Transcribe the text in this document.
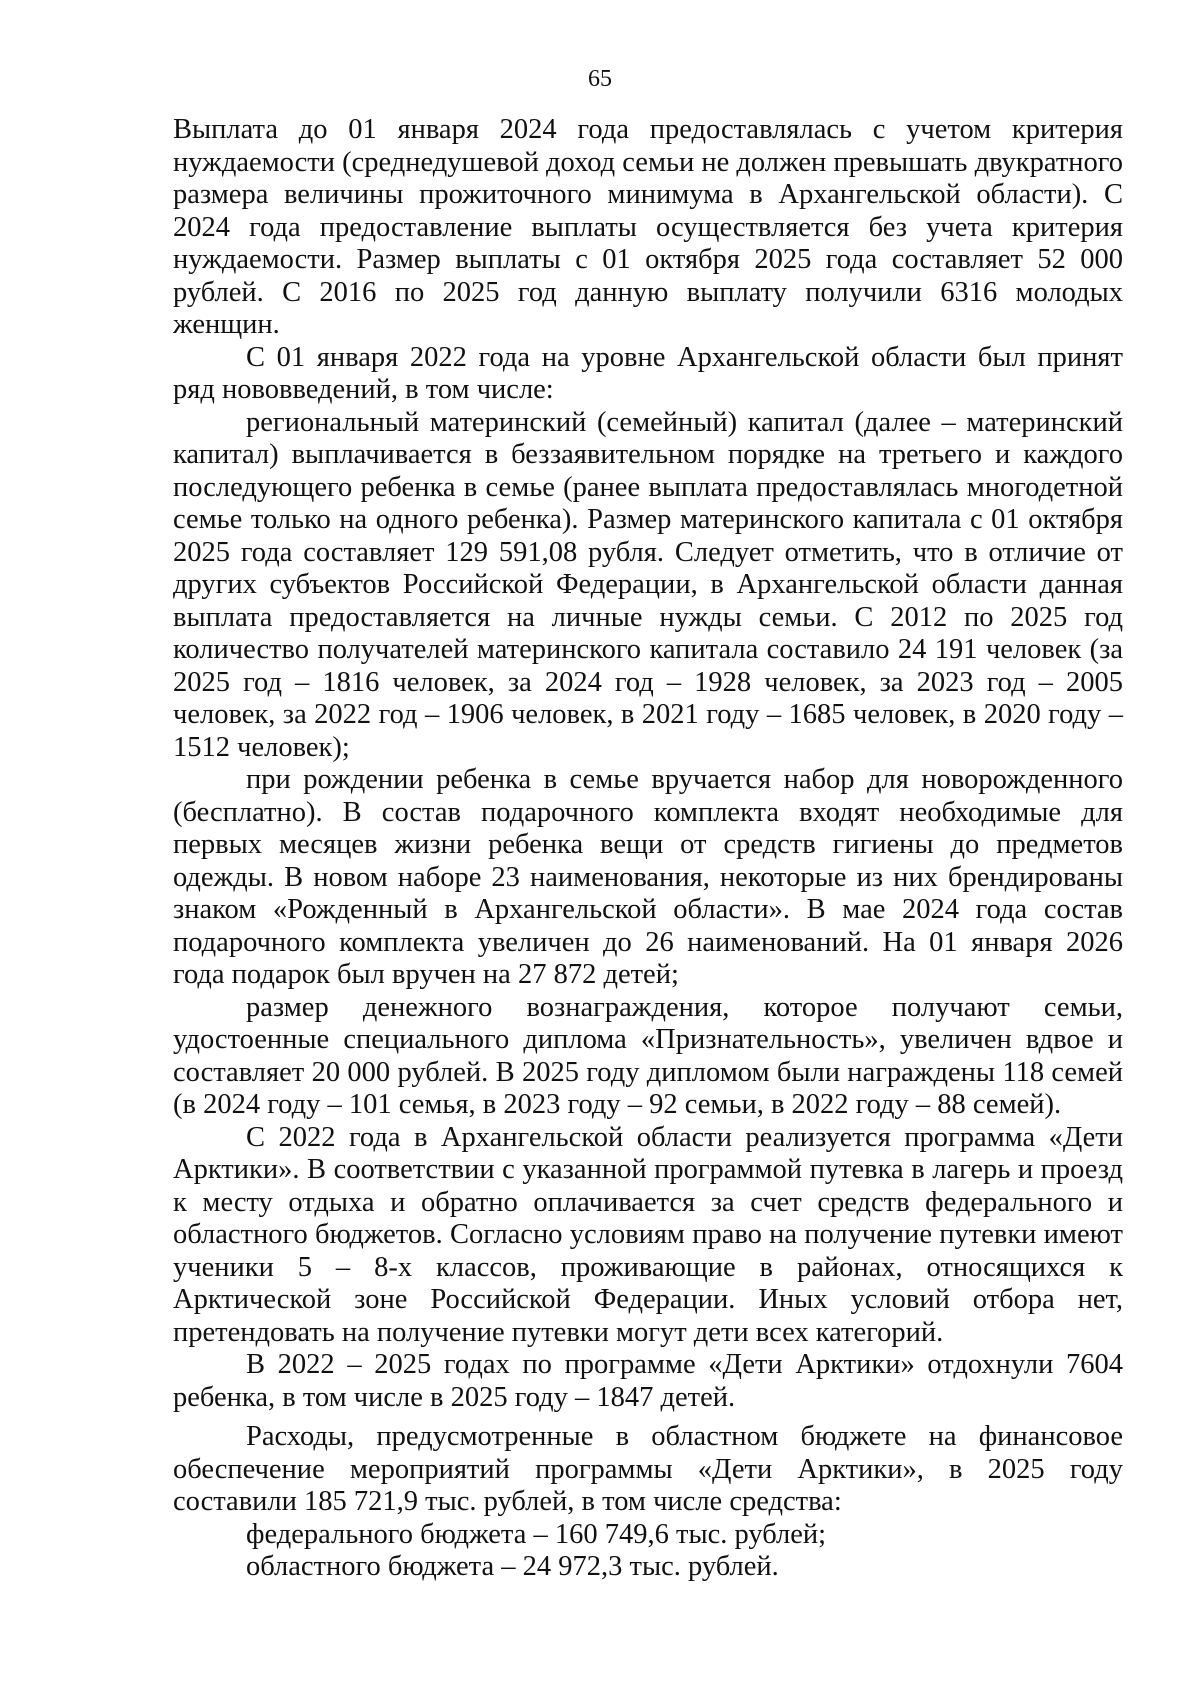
65

Выплата до 01 января 2024 года предоставлялась с учетом критерия нуждаемости (среднедушевой доход семьи не должен превышать двукратного размера величины прожиточного минимума в Архангельской области). С 2024 года предоставление выплаты осуществляется без учета критерия нуждаемости. Размер выплаты с 01 октября 2025 года составляет 52 000 рублей. С 2016 по 2025 год данную выплату получили 6316 молодых женщин.

С 01 января 2022 года на уровне Архангельской области был принят ряд нововведений, в том числе:

региональный материнский (семейный) капитал (далее – материнский капитал) выплачивается в беззаявительном порядке на третьего и каждого последующего ребенка в семье (ранее выплата предоставлялась многодетной семье только на одного ребенка). Размер материнского капитала с 01 октября 2025 года составляет 129 591,08 рубля. Следует отметить, что в отличие от других субъектов Российской Федерации, в Архангельской области данная выплата предоставляется на личные нужды семьи. С 2012 по 2025 год количество получателей материнского капитала составило 24 191 человек (за 2025 год – 1816 человек, за 2024 год – 1928 человек, за 2023 год – 2005 человек, за 2022 год – 1906 человек, в 2021 году – 1685 человек, в 2020 году – 1512 человек);

при рождении ребенка в семье вручается набор для новорожденного (бесплатно). В состав подарочного комплекта входят необходимые для первых месяцев жизни ребенка вещи от средств гигиены до предметов одежды. В новом наборе 23 наименования, некоторые из них брендированы знаком «Рожденный в Архангельской области». В мае 2024 года состав подарочного комплекта увеличен до 26 наименований. На 01 января 2026 года подарок был вручен на 27 872 детей;

размер денежного вознаграждения, которое получают семьи, удостоенные специального диплома «Признательность», увеличен вдвое и составляет 20 000 рублей. В 2025 году дипломом были награждены 118 семей (в 2024 году – 101 семья, в 2023 году – 92 семьи, в 2022 году – 88 семей).

С 2022 года в Архангельской области реализуется программа «Дети Арктики». В соответствии с указанной программой путевка в лагерь и проезд к месту отдыха и обратно оплачивается за счет средств федерального и областного бюджетов. Согласно условиям право на получение путевки имеют ученики 5 – 8-х классов, проживающие в районах, относящихся к Арктической зоне Российской Федерации. Иных условий отбора нет, претендовать на получение путевки могут дети всех категорий.

В 2022 – 2025 годах по программе «Дети Арктики» отдохнули 7604 ребенка, в том числе в 2025 году – 1847 детей.

Расходы, предусмотренные в областном бюджете на финансовое обеспечение мероприятий программы «Дети Арктики», в 2025 году составили 185 721,9 тыс. рублей, в том числе средства:

федерального бюджета – 160 749,6 тыс. рублей;

областного бюджета – 24 972,3 тыс. рублей.
